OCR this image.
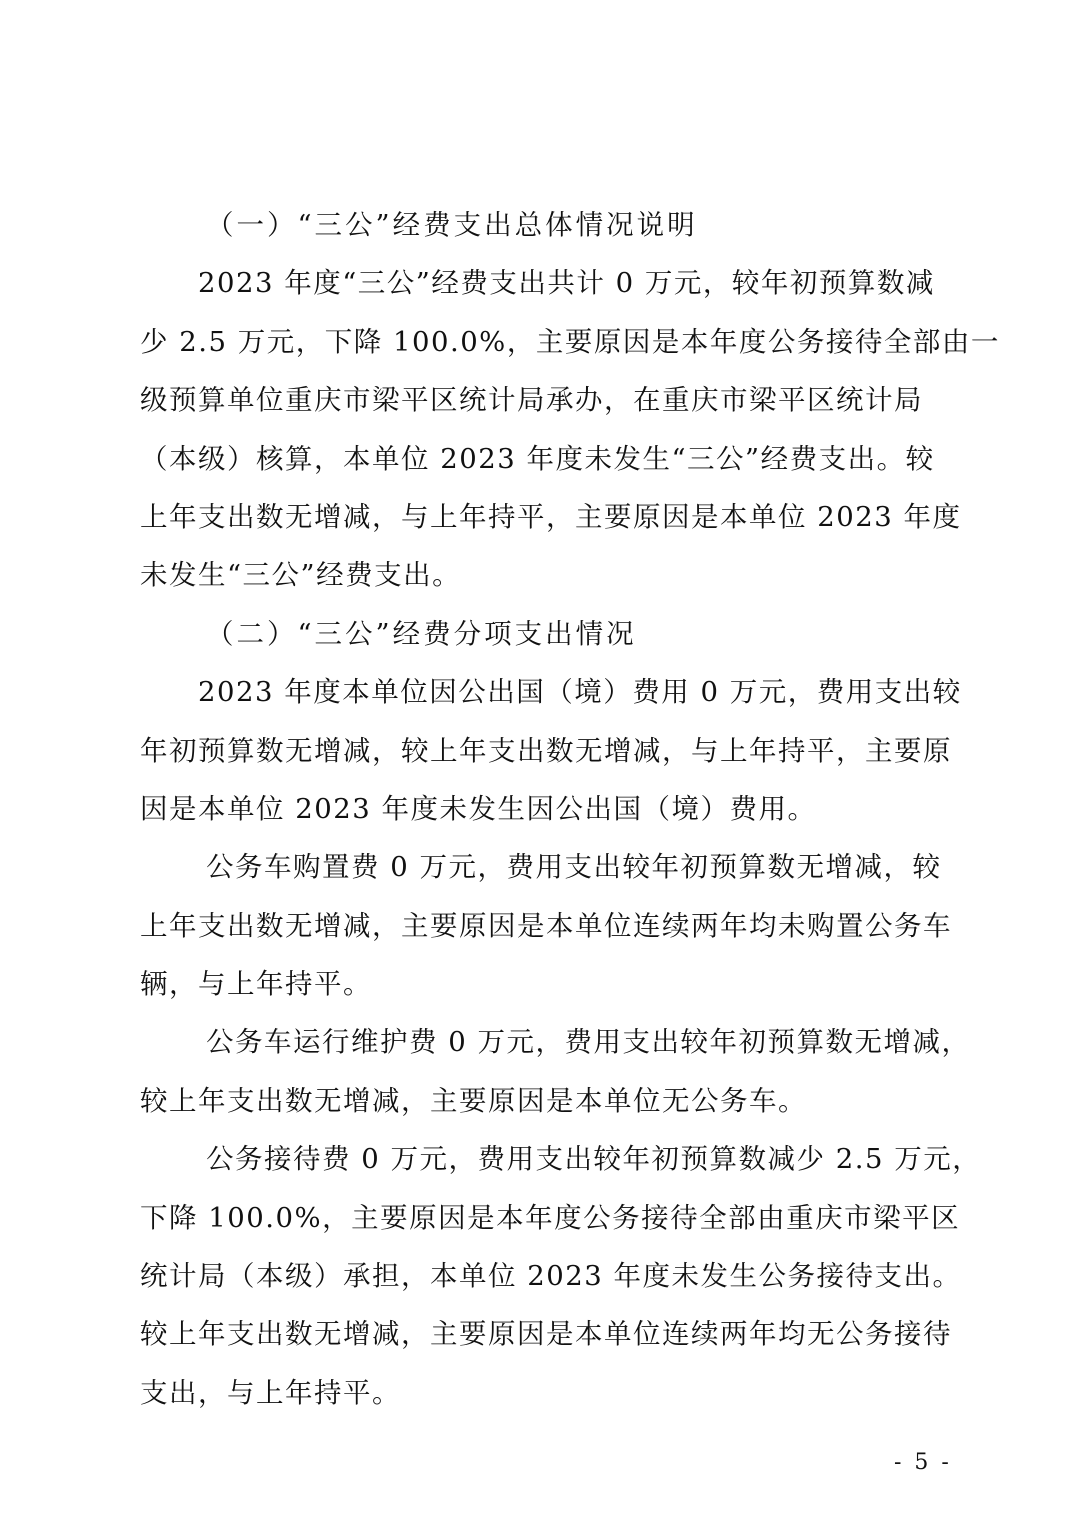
（一）“三公”经费支出总体情况说明
2023 年度“三公”经费支出共计 0 万元，较年初预算数减
少 2.5 万元，下降 100.0%，主要原因是本年度公务接待全部由一
级预算单位重庆市梁平区统计局承办，在重庆市梁平区统计局
（本级）核算，本单位 2023 年度未发生“三公”经费支出。较
上年支出数无增减，与上年持平，主要原因是本单位 2023 年度
未发生“三公”经费支出。
（二）“三公”经费分项支出情况
2023 年度本单位因公出国（境）费用 0 万元，费用支出较
年初预算数无增减，较上年支出数无增减，与上年持平，主要原
因是本单位 2023 年度未发生因公出国（境）费用。
公务车购置费 0 万元，费用支出较年初预算数无增减，较
上年支出数无增减，主要原因是本单位连续两年均未购置公务车
辆，与上年持平。
公务车运行维护费 0 万元，费用支出较年初预算数无增减，
较上年支出数无增减，主要原因是本单位无公务车。
公务接待费 0 万元，费用支出较年初预算数减少 2.5 万元，
下降 100.0%，主要原因是本年度公务接待全部由重庆市梁平区
统计局（本级）承担，本单位 2023 年度未发生公务接待支出。
较上年支出数无增减，主要原因是本单位连续两年均无公务接待
支出，与上年持平。
- 5 -
